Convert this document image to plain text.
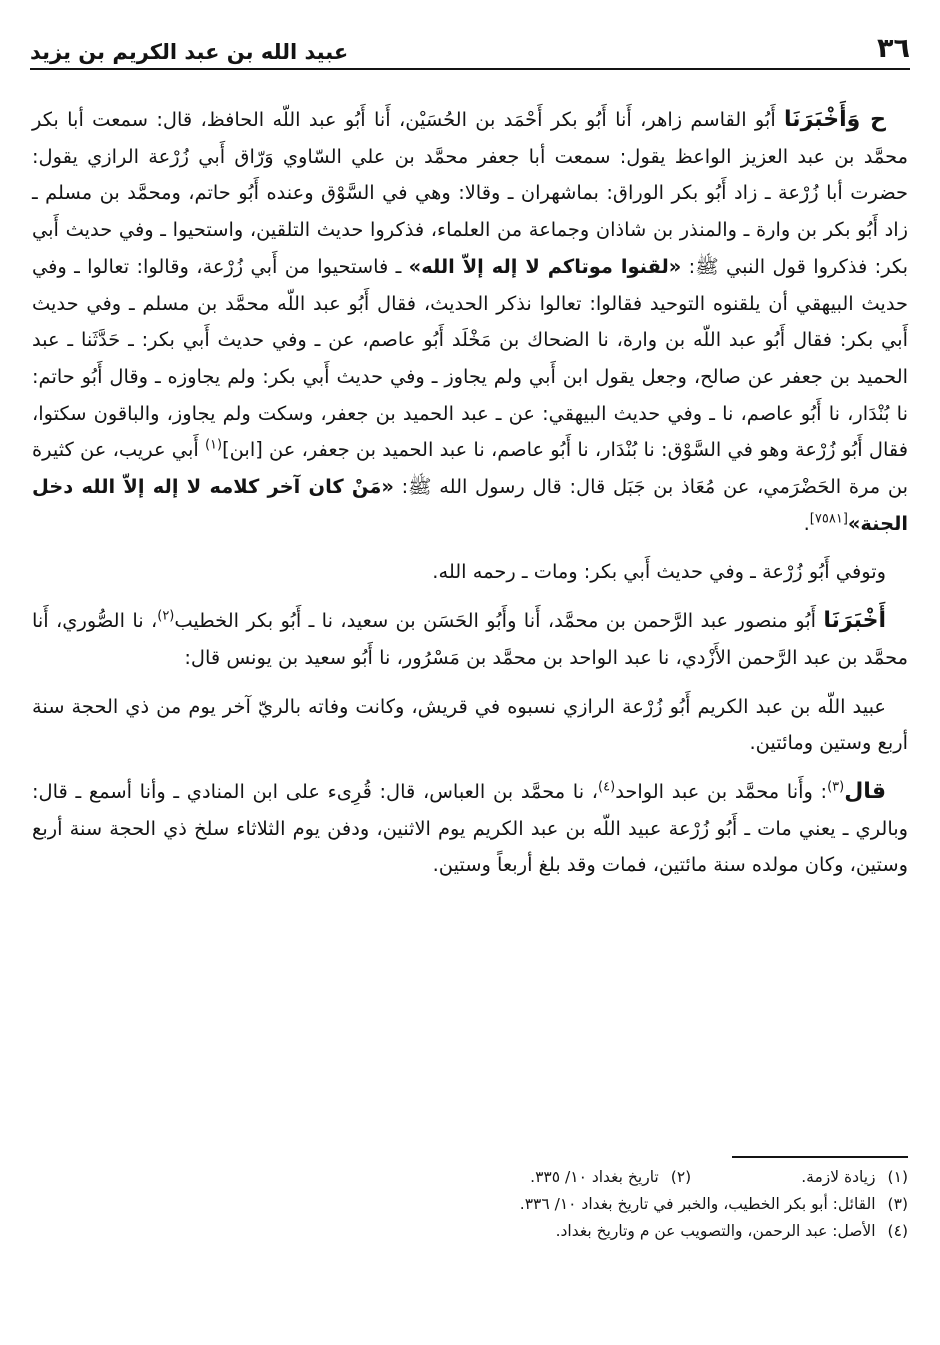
٣٦
عبيد الله بن عبد الكريم بن يزيد

ح وَأَخْبَرَنَا أَبُو القاسم زاهر، أَنا أَبُو بكر أَحْمَد بن الحُسَيْن، أَنا أَبُو عبد اللّه الحافظ، قال: سمعت أبا بكر محمَّد بن عبد العزيز الواعظ يقول: سمعت أبا جعفر محمَّد بن علي السّاوي وَرّاق أَبي زُرْعة الرازي يقول: حضرت أبا زُرْعة ـ زاد أَبُو بكر الوراق: بماشهران ـ وقالا: وهي في السَّوْق وعنده أَبُو حاتم، ومحمَّد بن مسلم ـ زاد أَبُو بكر بن وارة ـ والمنذر بن شاذان وجماعة من العلماء، فذكروا حديث التلقين، واستحيوا ـ وفي حديث أَبي بكر: فذكروا قول النبي ﷺ: «لقنوا موتاكم لا إله إلاّ الله» ـ فاستحيوا من أَبي زُرْعة، وقالوا: تعالوا ـ وفي حديث البيهقي أن يلقنوه التوحيد فقالوا: تعالوا نذكر الحديث، فقال أَبُو عبد اللّه محمَّد بن مسلم ـ وفي حديث أَبي بكر: فقال أَبُو عبد اللّه بن وارة، نا الضحاك بن مَخْلَد أَبُو عاصم، عن ـ وفي حديث أَبي بكر: ـ حَدَّثَنا ـ عبد الحميد بن جعفر عن صالح، وجعل يقول ابن أَبي ولم يجاوز ـ وفي حديث أَبي بكر: ولم يجاوزه ـ وقال أَبُو حاتم: نا بُنْدَار، نا أَبُو عاصم، نا ـ وفي حديث البيهقي: عن ـ عبد الحميد بن جعفر، وسكت ولم يجاوز، والباقون سكتوا، فقال أَبُو زُرْعة وهو في السَّوْق: نا بُنْدَار، نا أَبُو عاصم، نا عبد الحميد بن جعفر، عن [ابن]$^{(١)}$ أَبي عريب، عن كثيرة بن مرة الحَضْرَمي، عن مُعَاذ بن جَبَل قال: قال رسول الله ﷺ: «مَنْ كان آخر كلامه لا إله إلاّ الله دخل الجنة»[٧٥٨١].

وتوفي أَبُو زُرْعة ـ وفي حديث أَبي بكر: ومات ـ رحمه الله.

أَخْبَرَنَا أَبُو منصور عبد الرَّحمن بن محمَّد، أَنا وأَبُو الحَسَن بن سعيد، نا ـ أَبُو بكر الخطيب$^{(٢)}$، نا الصُّوري، أَنا محمَّد بن عبد الرَّحمن الأَزْدي، نا عبد الواحد بن محمَّد بن مَسْرُور، نا أَبُو سعيد بن يونس قال:

عبيد اللّه بن عبد الكريم أَبُو زُرْعة الرازي نسبوه في قريش، وكانت وفاته بالريّ آخر يوم من ذي الحجة سنة أربع وستين ومائتين.

قال$^{(٣)}$: وأَنا محمَّد بن عبد الواحد$^{(٤)}$، نا محمَّد بن العباس، قال: قُرِىء على ابن المنادي ـ وأنا أسمع ـ قال: وبالري ـ يعني مات ـ أَبُو زُرْعة عبيد اللّه بن عبد الكريم يوم الاثنين، ودفن يوم الثلاثاء سلخ ذي الحجة سنة أربع وستين، وكان مولده سنة مائتين، فمات وقد بلغ أربعاً وستين.

(١)زيادة لازمة.
(٢)تاريخ بغداد ١٠/ ٣٣٥.
(٣)القائل: أبو بكر الخطيب، والخبر في تاريخ بغداد ١٠/ ٣٣٦.
(٤)الأصل: عبد الرحمن، والتصويب عن م وتاريخ بغداد.
